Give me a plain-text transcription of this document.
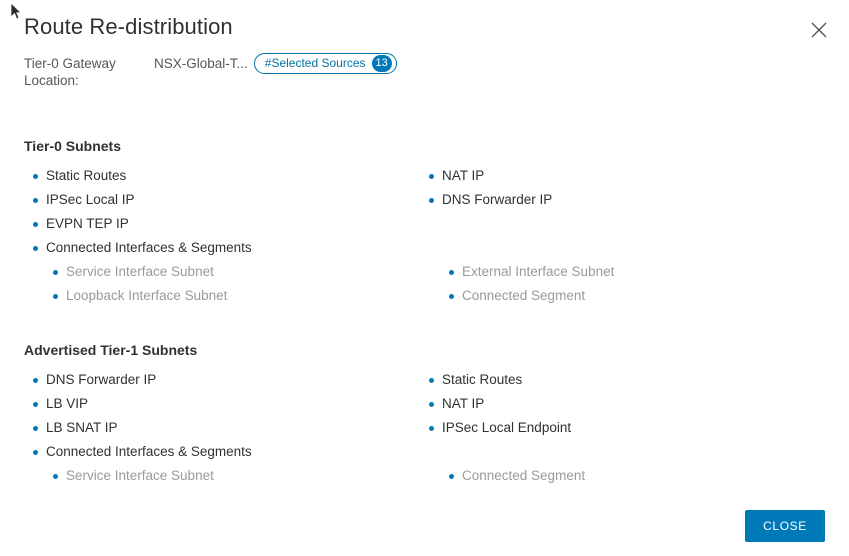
Route Re-distribution
Tier-0 Gateway Location:
NSX-Global-T... #Selected Sources 13
Tier-0 Subnets
Static Routes
IPSec Local IP
EVPN TEP IP
Connected Interfaces & Segments
Service Interface Subnet
Loopback Interface Subnet
NAT IP
DNS Forwarder IP

External Interface Subnet
Connected Segment
Advertised Tier-1 Subnets
DNS Forwarder IP
LB VIP
LB SNAT IP
Connected Interfaces & Segments
Service Interface Subnet
Static Routes
NAT IP
IPSec Local Endpoint

Connected Segment
CLOSE
